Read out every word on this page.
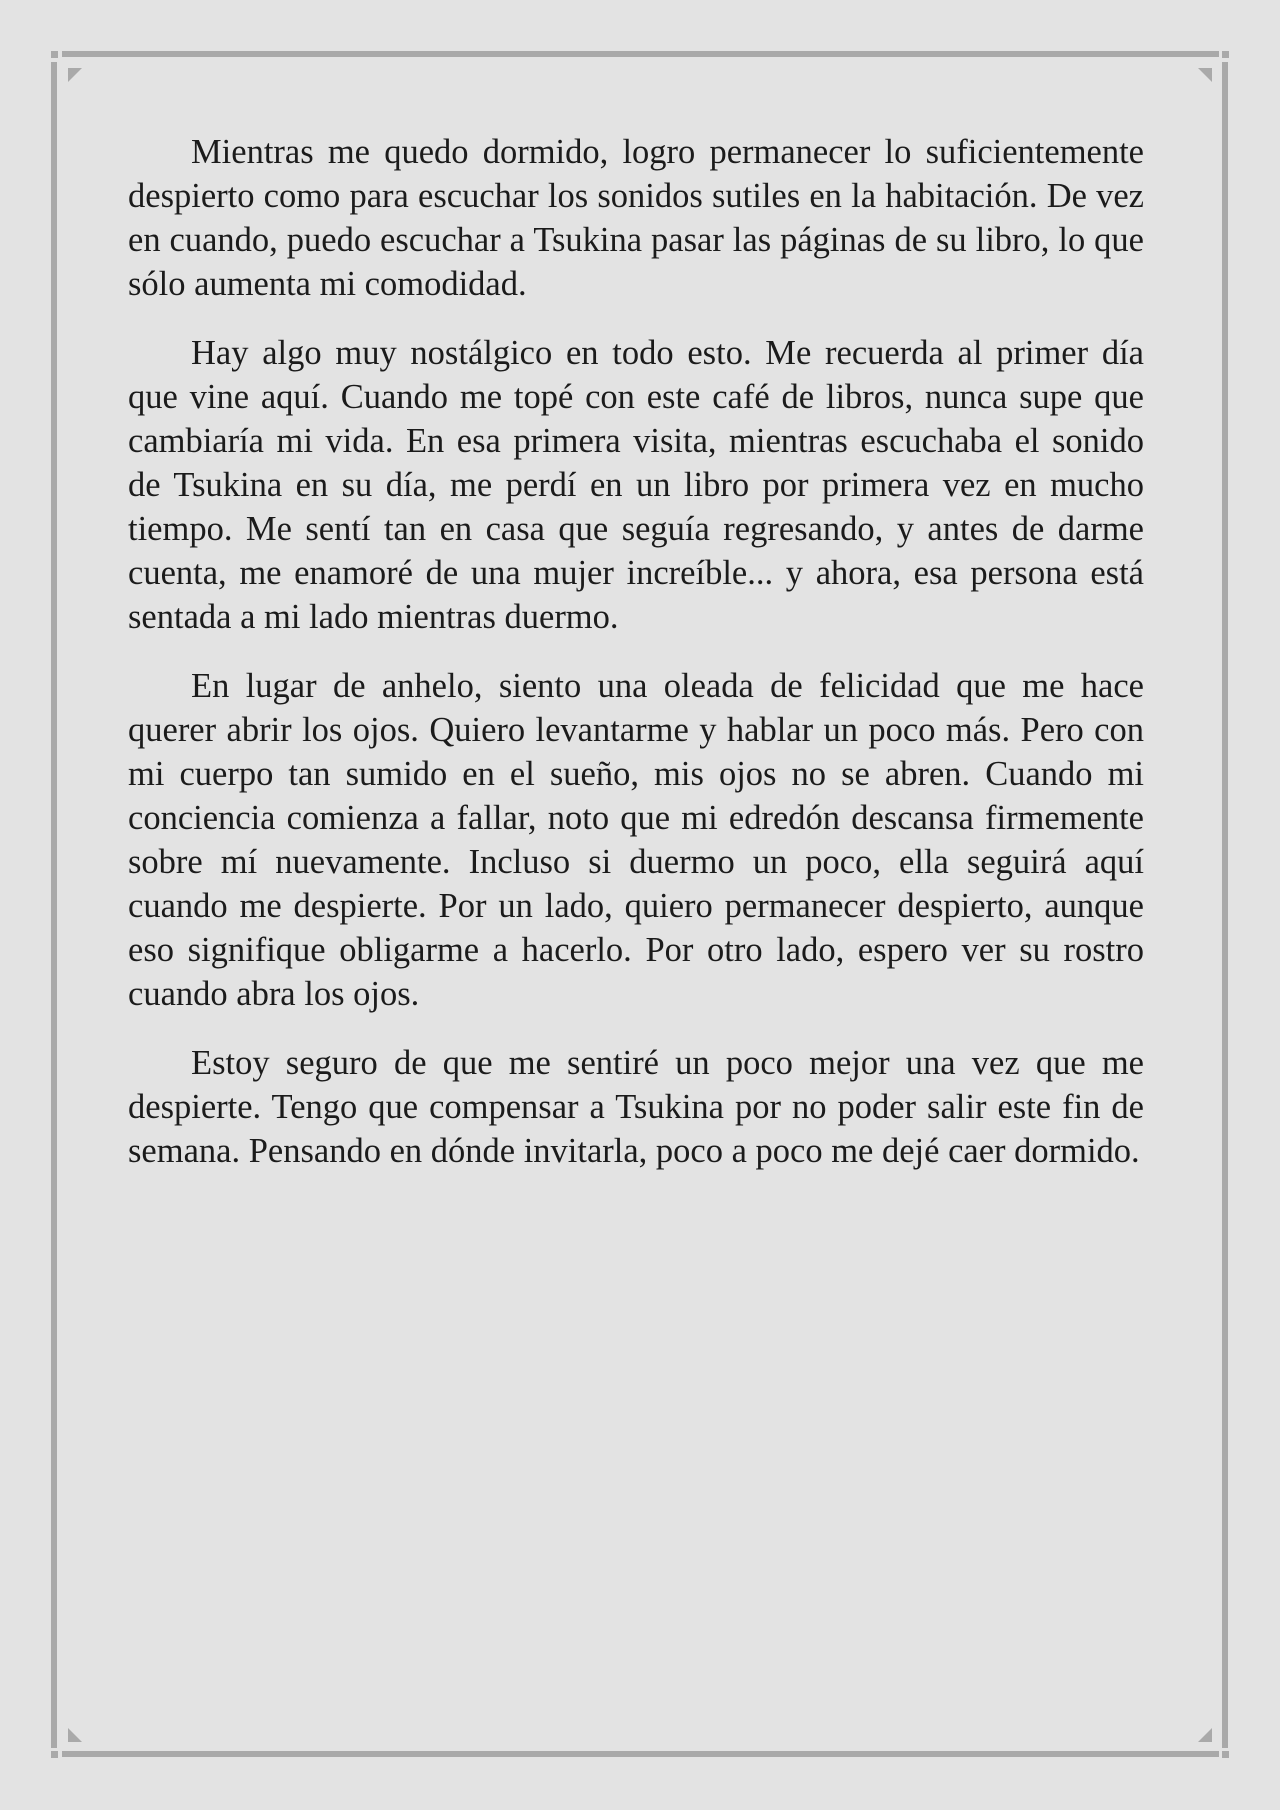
Mientras me quedo dormido, logro permanecer lo suficientemente despierto como para escuchar los sonidos sutiles en la habitación. De vez en cuando, puedo escuchar a Tsukina pasar las páginas de su libro, lo que sólo aumenta mi comodidad.

Hay algo muy nostálgico en todo esto. Me recuerda al primer día que vine aquí. Cuando me topé con este café de libros, nunca supe que cambiaría mi vida. En esa primera visita, mientras escuchaba el sonido de Tsukina en su día, me perdí en un libro por primera vez en mucho tiempo. Me sentí tan en casa que seguía regresando, y antes de darme cuenta, me enamoré de una mujer increíble... y ahora, esa persona está sentada a mi lado mientras duermo.

En lugar de anhelo, siento una oleada de felicidad que me hace querer abrir los ojos. Quiero levantarme y hablar un poco más. Pero con mi cuerpo tan sumido en el sueño, mis ojos no se abren. Cuando mi conciencia comienza a fallar, noto que mi edredón descansa firmemente sobre mí nuevamente. Incluso si duermo un poco, ella seguirá aquí cuando me despierte. Por un lado, quiero permanecer despierto, aunque eso signifique obligarme a hacerlo. Por otro lado, espero ver su rostro cuando abra los ojos.

Estoy seguro de que me sentiré un poco mejor una vez que me despierte. Tengo que compensar a Tsukina por no poder salir este fin de semana. Pensando en dónde invitarla, poco a poco me dejé caer dormido.
